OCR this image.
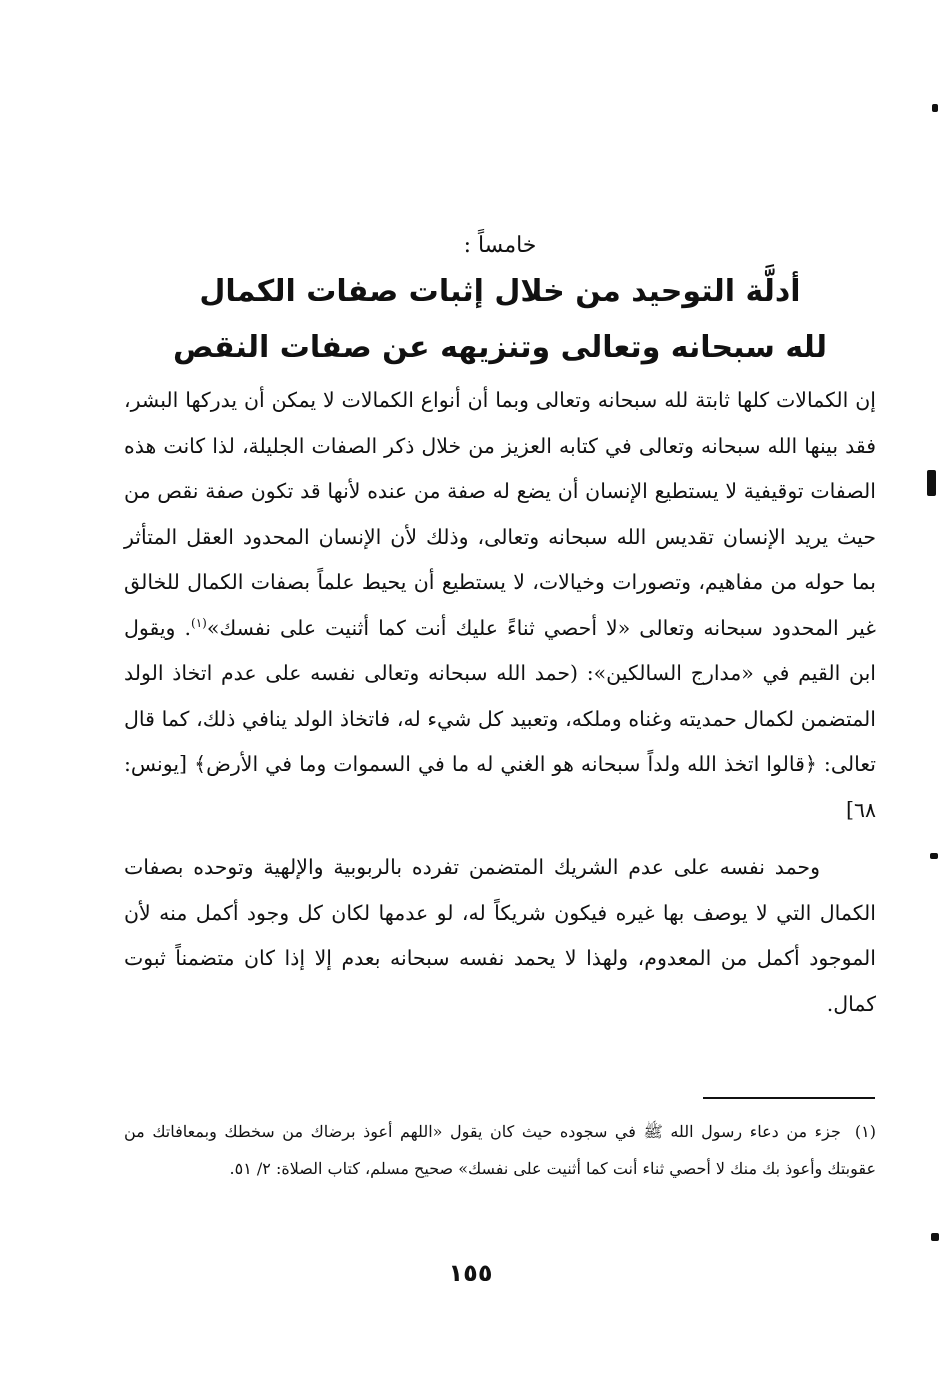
خامساً :
أدلَّة التوحيد من خلال إثبات صفات الكمال
لله سبحانه وتعالى وتنزيهه عن صفات النقص

إن الكمالات كلها ثابتة لله سبحانه وتعالى وبما أن أنواع الكمالات لا يمكن أن يدركها البشر، فقد بينها الله سبحانه وتعالى في كتابه العزيز من خلال ذكر الصفات الجليلة، لذا كانت هذه الصفات توقيفية لا يستطيع الإنسان أن يضع له صفة من عنده لأنها قد تكون صفة نقص من حيث يريد الإنسان تقديس الله سبحانه وتعالى، وذلك لأن الإنسان المحدود العقل المتأثر بما حوله من مفاهيم، وتصورات وخيالات، لا يستطيع أن يحيط علماً بصفات الكمال للخالق غير المحدود سبحانه وتعالى «لا أحصي ثناءً عليك أنت كما أثنيت على نفسك»$^{(١)}$. ويقول ابن القيم في «مدارج السالكين»: (حمد الله سبحانه وتعالى نفسه على عدم اتخاذ الولد المتضمن لكمال حمديته وغناه وملكه، وتعبيد كل شيء له، فاتخاذ الولد ينافي ذلك، كما قال تعالى: ﴿قالوا اتخذ الله ولداً سبحانه هو الغني له ما في السموات وما في الأرض﴾ [يونس: ٦٨]

وحمد نفسه على عدم الشريك المتضمن تفرده بالربوبية والإلهية وتوحده بصفات الكمال التي لا يوصف بها غيره فيكون شريكاً له، لو عدمها لكان كل وجود أكمل منه لأن الموجود أكمل من المعدوم، ولهذا لا يحمد نفسه سبحانه بعدم إلا إذا كان متضمناً ثبوت كمال.

(١)جزء من دعاء رسول الله ﷺ في سجوده حيث كان يقول «اللهم أعوذ برضاك من سخطك وبمعافاتك من عقوبتك وأعوذ بك منك لا أحصي ثناء أنت كما أثنيت على نفسك» صحيح مسلم، كتاب الصلاة: ٢/ ٥١.
١٥٥
